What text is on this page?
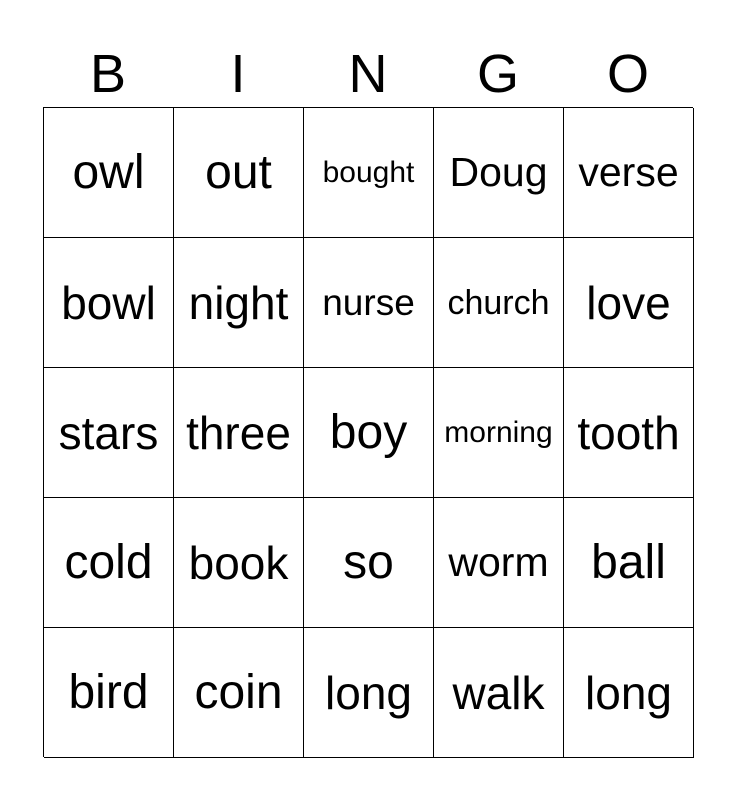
B	I	N	G	O
owl out bought Doug verse
bowl night nurse church love
stars three boy morning tooth
cold book so worm ball
bird coin long walk long
